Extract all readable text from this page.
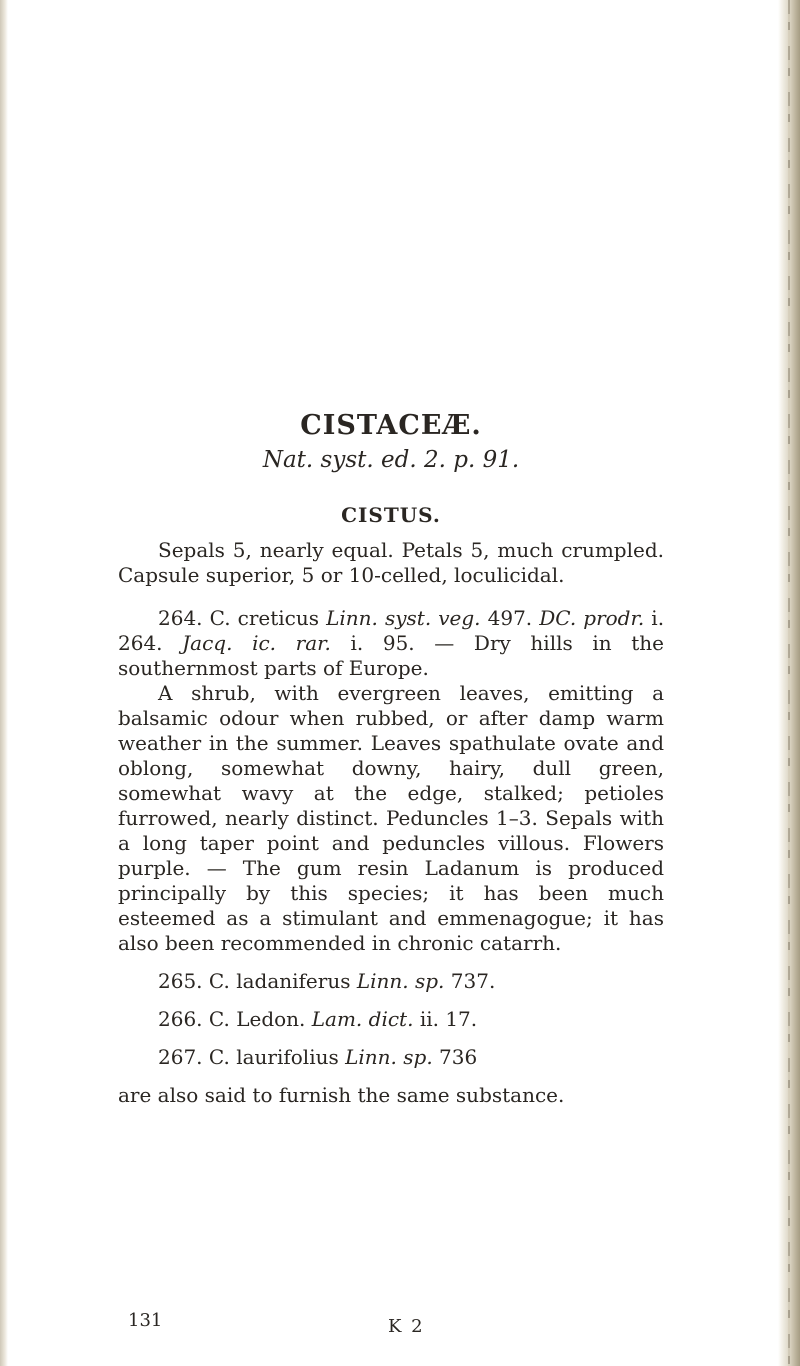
CISTACEÆ.

Nat. syst. ed. 2. p. 91.

CISTUS.

Sepals 5, nearly equal. Petals 5, much crumpled. Capsule superior, 5 or 10-celled, loculicidal.

264. C. creticus Linn. syst. veg. 497. DC. prodr. i. 264. Jacq. ic. rar. i. 95. — Dry hills in the southernmost parts of Europe.

A shrub, with evergreen leaves, emitting a balsamic odour when rubbed, or after damp warm weather in the summer. Leaves spathulate ovate and oblong, somewhat downy, hairy, dull green, somewhat wavy at the edge, stalked; petioles furrowed, nearly distinct. Peduncles 1–3. Sepals with a long taper point and peduncles villous. Flowers purple. — The gum resin Ladanum is produced principally by this species; it has been much esteemed as a stimulant and emmenagogue; it has also been recommended in chronic catarrh.

265. C. ladaniferus Linn. sp. 737.

266. C. Ledon. Lam. dict. ii. 17.

267. C. laurifolius Linn. sp. 736

are also said to furnish the same substance.

131	K 2
